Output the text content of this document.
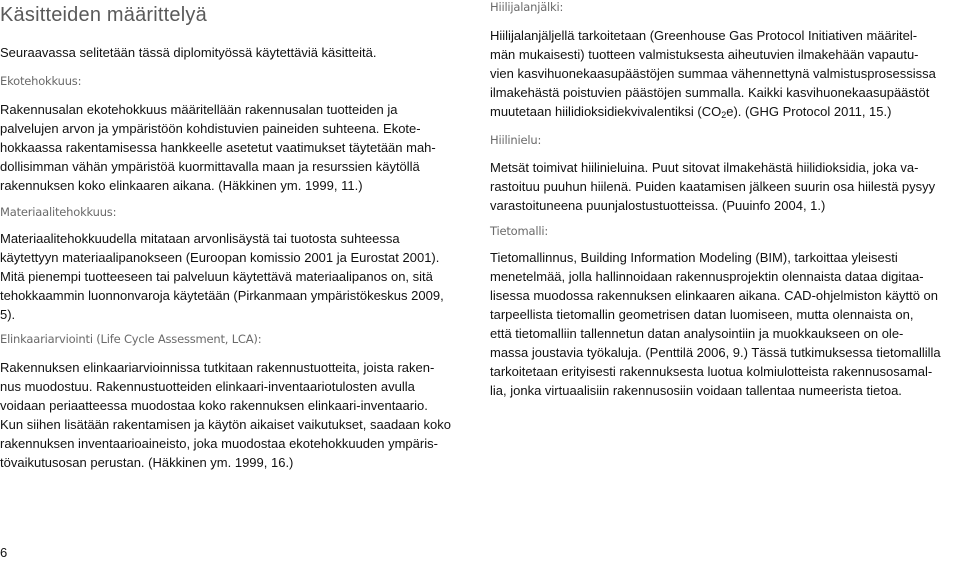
Käsitteiden määrittelyä

Seuraavassa selitetään tässä diplomityössä käytettäviä käsitteitä.

Ekotehokkuus:

Rakennusalan ekotehokkuus määritellään rakennusalan tuotteiden ja
palvelujen arvon ja ympäristöön kohdistuvien paineiden suhteena. Ekote-
hokkaassa rakentamisessa hankkeelle asetetut vaatimukset täytetään mah-
dollisimman vähän ympäristöä kuormittavalla maan ja resurssien käytöllä
rakennuksen koko elinkaaren aikana. (Häkkinen ym. 1999, 11.)

Materiaalitehokkuus:

Materiaalitehokkuudella mitataan arvonlisäystä tai tuotosta suhteessa
käytettyyn materiaalipanokseen (Euroopan komissio 2001 ja Eurostat 2001).
Mitä pienempi tuotteeseen tai palveluun käytettävä materiaalipanos on, sitä
tehokkaammin luonnonvaroja käytetään (Pirkanmaan ympäristökeskus 2009,
5).

Elinkaariarviointi (Life Cycle Assessment, LCA):

Rakennuksen elinkaariarvioinnissa tutkitaan rakennustuotteita, joista raken-
nus muodostuu. Rakennustuotteiden elinkaari-inventaariotulosten avulla
voidaan periaatteessa muodostaa koko rakennuksen elinkaari-inventaario.
Kun siihen lisätään rakentamisen ja käytön aikaiset vaikutukset, saadaan koko
rakennuksen inventaarioaineisto, joka muodostaa ekotehokkuuden ympäris-
tövaikutusosan perustan. (Häkkinen ym. 1999, 16.)

Hiilijalanjälki:

Hiilijalanjäljellä tarkoitetaan (Greenhouse Gas Protocol Initiativen määritel-
män mukaisesti) tuotteen valmistuksesta aiheutuvien ilmakehään vapautu-
vien kasvihuonekaasupäästöjen summaa vähennettynä valmistusprosessissa
ilmakehästä poistuvien päästöjen summalla. Kaikki kasvihuonekaasupäästöt
muutetaan hiilidioksidiekvivalentiksi $(CO_2e)$. (GHG Protocol 2011, 15.)

Hiilinielu:

Metsät toimivat hiilinieluina. Puut sitovat ilmakehästä hiilidioksidia, joka va-
rastoituu puuhun hiilenä. Puiden kaatamisen jälkeen suurin osa hiilestä pysyy
varastoituneena puunjalostustuotteissa. (Puuinfo 2004, 1.)

Tietomalli:

Tietomallinnus, Building Information Modeling (BIM), tarkoittaa yleisesti
menetelmää, jolla hallinnoidaan rakennusprojektin olennaista dataa digitaa-
lisessa muodossa rakennuksen elinkaaren aikana. CAD-ohjelmiston käyttö on
tarpeellista tietomallin geometrisen datan luomiseen, mutta olennaista on,
että tietomalliin tallennetun datan analysointiin ja muokkaukseen on ole-
massa joustavia työkaluja. (Penttilä 2006, 9.) Tässä tutkimuksessa tietomallilla
tarkoitetaan erityisesti rakennuksesta luotua kolmiulotteista rakennusosamal-
lia, jonka virtuaalisiin rakennusosiin voidaan tallentaa numeerista tietoa.

6
